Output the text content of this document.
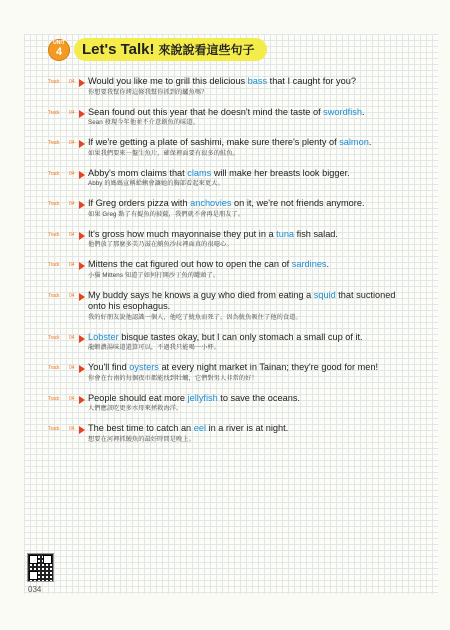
UNIT
4 Let's Talk! 來說說看這些句子
Track 04 Would you like me to grill this delicious bass that I caught for you?
你想要我幫你烤這條我幫你抓到的鱸魚嗎？
Track 04 Sean found out this year that he doesn't mind the taste of swordfish.
Sean 發現今年他並不介意劍魚的味道。
Track 04 If we're getting a plate of sashimi, make sure there's plenty of salmon.
如果我們要來一盤生魚片，確保裡面要有很多的鮭魚。
Track 04 Abby's mom claims that clams will make her breasts look bigger.
Abby 的媽媽宣稱蛤蜊會讓她的胸部看起來更大。
Track 04 If Greg orders pizza with anchovies on it, we're not friends anymore.
如果 Greg 點了有鯷魚的披薩，我們就不會再是朋友了。
Track 04 It's gross how much mayonnaise they put in a tuna fish salad.
他們放了那麼多美乃滋在鮪魚沙拉裡面真的很噁心。
Track 04 Mittens the cat figured out how to open the can of sardines.
小貓 Mittens 知道了如何打開沙丁魚的罐頭了。
Track 04 My buddy says he knows a guy who died from eating a squid that suctioned onto his esophagus.
我的好朋友說他認識一個人，他吃了魷魚而死了，因為魷魚吸住了他的食道。
Track 04 Lobster bisque tastes okay, but I can only stomach a small cup of it.
龍蝦濃湯味道還算可以，不過我只能喝一小杯。
Track 04 You'll find oysters at every night market in Tainan; they're good for men!
你會在台南的每個夜市都能找到牡蠣，它們對男人非常的好！
Track 04 People should eat more jellyfish to save the oceans.
人們應該吃更多水母來拯救海洋。
Track 04 The best time to catch an eel in a river is at night.
想要在河裡抓鰻魚的最好時間是晚上。
034
